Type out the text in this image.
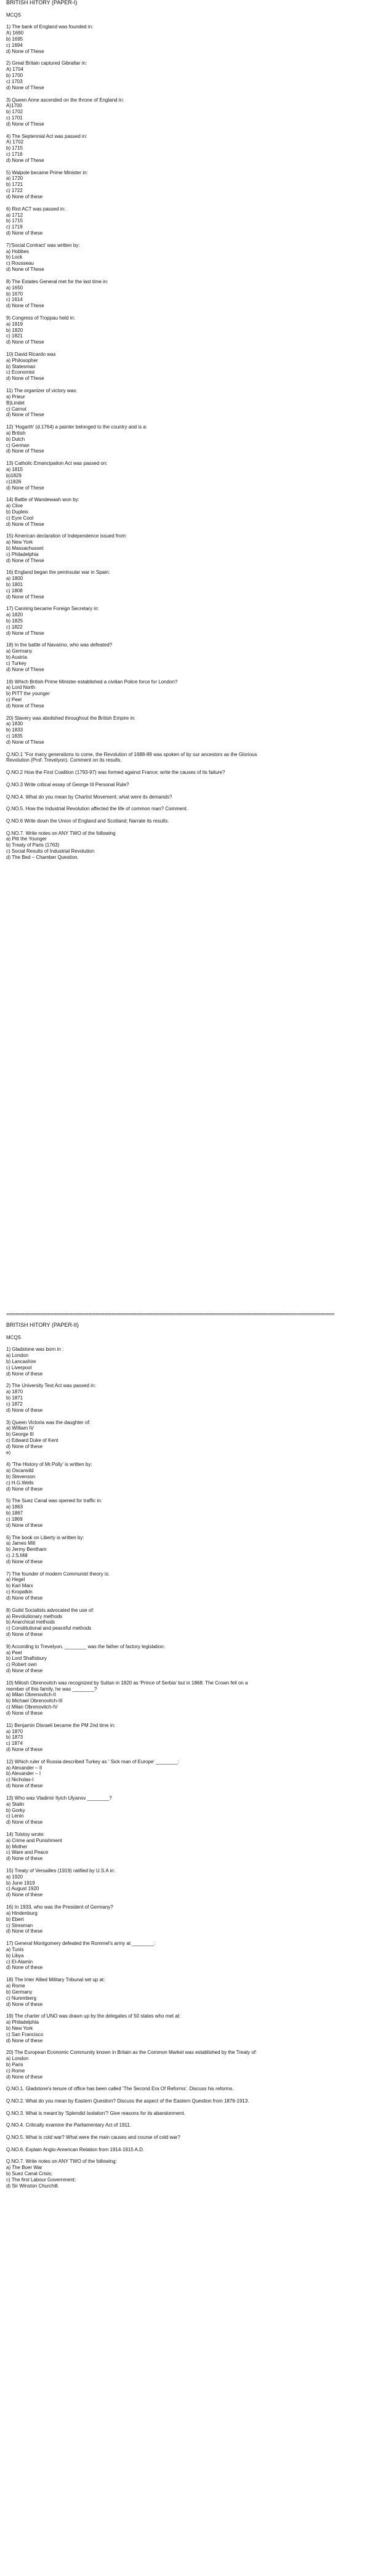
BRITISH HITORY (PAPER-I)

MCQS

1) The bank of England was founded in:

A) 1690

b) 1695

c) 1694

d) None of These

2) Great Britain captured Gibraltar in:

A) 1704

b) 1700

c) 1703

d) None of These

3) Queen Anne ascended on the throne of England in:

A)1700

b) 1702

c) 1701

d) None of These

4) The Septennial Act was passed in:

A) 1702

b) 1715

c) 1716

d) None of These

5) Walpole became Prime Minister in:

a) 1720

b) 1721

c) 1722

d) None of these

6) Riot ACT was passed in:

a) 1712

b) 1715

c) 1719

d) None of these

7)'Social Contract' was written by:

a) Hobbes

b) Lock

c) Rousseau

d) None of These

8) The Estates General met for the last time in:

a) 1650

b) 1670

c) 1614

d) None of These

9) Congress of Troppau held in:

a) 1819

b) 1820

c) 1821

d) None of These

10) David Ricardo was

a) Philosopher

b) Statesman

c) Economist

d) None of These

11) The organizer of victory was:

a) Prieur

B)Lindet

c) Carnot

d) None of These

12) 'Hogarth' (d.1764) a painter belonged to the country and is a:

a) British

b) Dutch

c) German

d) None of These

13) Catholic Emancipation Act was passed on:

a) 1815

b)1829

c)1826

d) None of These

14) Battle of Wandewash won by:

a) Clive

b) Dupleix

c) Eyre Cool

d) None of These

15) American declaration of Independence issued from:

a) New York

b) Massachusset

c) Philadelphia

d) None of These

16) England began the peninsular war in Spain:

a) 1800

b) 1801

c) 1808

d) None of These

17) Canning became Foreign Secretary in:

a) 1820

b) 1825

c) 1822

d) None of These

18) In the battle of Navarino, who was defeated?

a) Germany

b) Austria

c) Turkey

d) None of These

19) Which British Prime Minister established a civilian Police force for London?

a) Lord North

b) PITT the younger

c) Peel

d) None of These

20) Slavery was abolished throughout the British Empire in:

a) 1830

b) 1833

c) 1835

d) None of These

Q.NO.1 "For many generations to come, the Revolution of 1688-89 was spoken of by our ancestors as the Glorious

Revolution (Prof. Trevelyon). Comment on its results.

Q.NO.2 How the First Coalition (1793-97) was formed against France; write the causes of its failure?

Q.NO.3 Write critical essay of George III Personal Rule?

Q.NO.4. What do you mean by Chartist Movement; what were its demands?

Q.NO.5. How the Industrial Revolution affected the life of common man? Comment.

Q.NO.6 Write down the Union of England and Scotland; Narrate its results.

Q.NO.7. Write notes on ANY TWO of the following

a) Pitt the Younger

b) Treaty of Paris (1763)

c) Social Results of Industrial Revolution

d) The Bed – Chamber Question.

================================================================================================================================================

BRITISH HITORY (PAPER-II)

MCQS

1) Gladstone was born in :

a) London

b) Lancashire

c) Liverpool

d) None of these

2) The University Test Act was passed in:

a) 1870

b) 1871

c) 1872

d) None of these

3) Queen Victoria was the daughter of:

a) William IV

b) George III

c) Edward Duke of Kent

d) None of these

e)

4) 'The History of Mr.Polly' is written by:

a) Oscarwild

b) Stevenson

c) H.G.Wells

d) None of these

5) The Suez Canal was opened for traffic in:

a) 1863

b) 1867

c) 1869

d) None of these

6) The book on Liberty is written by:

a) James Mill

b) Jermy Bentham

c) J.S.Mill

d) None of these

7) The founder of modern Communist theory is:

a) Hegel

b) Karl Marx

c) Kropatkin

d) None of these

8) Guild Socialists advocated the use of:

a) Revolutionary methods

b) Anarchical methods

c) Constitutional and peaceful methods

d) None of these

9) According to Trevelyon, ________ was the father of factory legislation:

a) Peel

b) Lord Shaftsbury

c) Robert own

d) None of these

10) Milosh Obrenovitch was recognized by Sultan in 1820 as 'Prince of Serbia' but in 1868. The Crown fell on a

member of this family, he was ________?

a) Milan Obrenovitch-II

b) Michael Obrenovitch-III

c) Milan Obrenovitch-IV

d) None of these

11) Benjamin Disraeli became the PM 2nd time in:

a) 1870

b) 1873

c) 1874

d) None of these

12) Which ruler of Russia described Turkey as ' Sick man of Europe' ________:

a) Alexander – II

b) Alexander – I

c) Nicholas-I

d) None of these

13) Who was Vladimir Ilyich Ulyanov ________?

a) Stalin

b) Gorky

c) Lenin

d) None of these

14) Tolstoy wrote:

a) Crime and Punishment

b) Mother

c) Ware and Peace

d) None of these

15) Treaty of Versailles (1919) ratified by U.S.A in:

a) 1920

b) June 1919

c) August 1920

d) None of these

16) In 1933, who was the President of Germany?

a) Hindenburg

b) Ebert

c) Stresman

d) None of these

17) General Montgomery defeated the Rommel's army at ________:

a) Tunis

b) Libya

c) El-Alamin

d) None of these

18) The Inter Allied Military Tribunal set up at:

a) Rome

b) Germany

c) Nuremberg

d) None of these

19) The charter of UNO was drawn up by the delegates of 50 states who met at:

a) Philadelphia

b) New York

c) San Francisco

d) None of these

20) The European Economic Community known in Britain as the Common Market was established by the Treaty of:

a) London

b) Paris

c) Rome

d) None of these

Q.NO.1. Gladstone's tenure of office has been called 'The Second Era Of Reforms'. Discuss his reforms.

Q.NO.2. What do you mean by Eastern Question? Discuss the aspect of the Eastern Question from 1876-1913.

Q.NO.3. What is meant by 'Splendid Isolation'? Give reasons for its abandonment.

Q.NO.4. Critically examine the Parliamentary Act of 1911.

Q.NO.5. What is cold war? What were the main causes and course of cold war?

Q.NO.6. Explain Anglo-American Relation from 1914-1915 A.D.

Q.NO.7. Write notes on ANY TWO of the following:

a) The Boer War

b) Suez Canal Crisis;

c) The first Labour Government;

d) Sir Winston Churchill.
